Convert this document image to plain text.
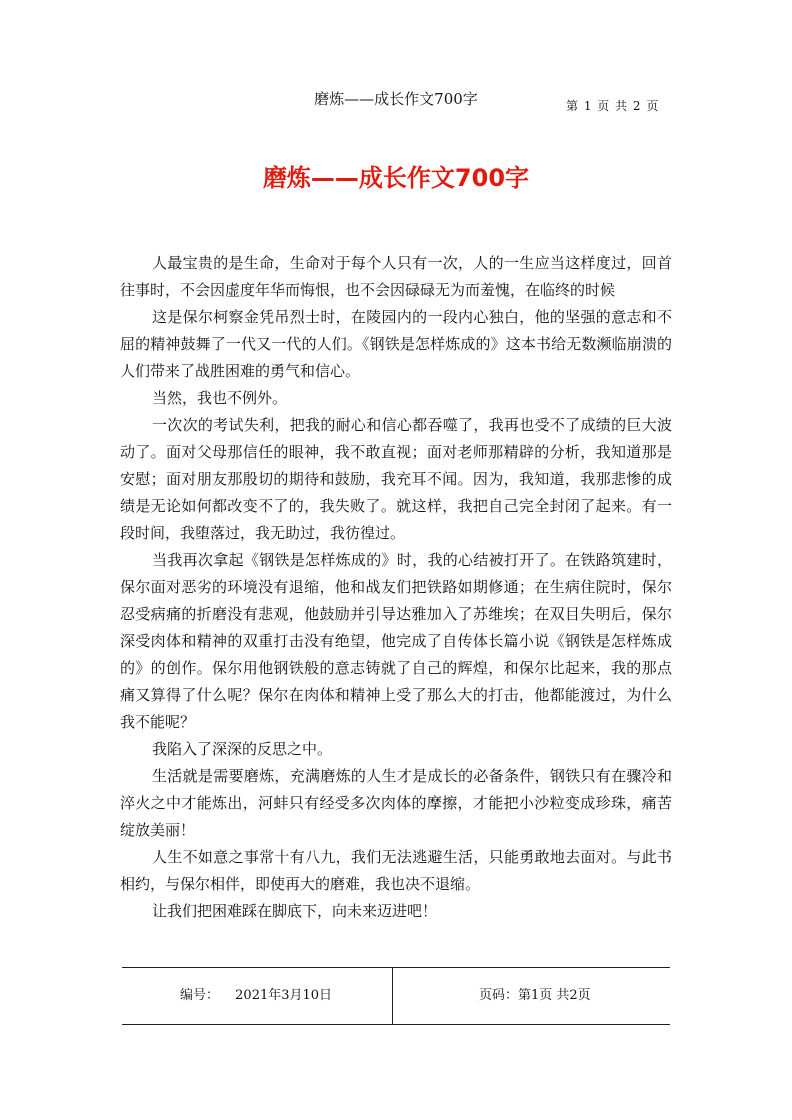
磨炼——成长作文700字	第 1 页 共 2 页
磨炼——成长作文700字

人最宝贵的是生命，生命对于每个人只有一次，人的一生应当这样度过，回首往事时，不会因虚度年华而悔恨，也不会因碌碌无为而羞愧，在临终的时候

这是保尔柯察金凭吊烈士时，在陵园内的一段内心独白，他的坚强的意志和不屈的精神鼓舞了一代又一代的人们。《钢铁是怎样炼成的》这本书给无数濒临崩溃的人们带来了战胜困难的勇气和信心。

当然，我也不例外。

一次次的考试失利，把我的耐心和信心都吞噬了，我再也受不了成绩的巨大波动了。面对父母那信任的眼神，我不敢直视；面对老师那精辟的分析，我知道那是安慰；面对朋友那殷切的期待和鼓励，我充耳不闻。因为，我知道，我那悲惨的成绩是无论如何都改变不了的，我失败了。就这样，我把自己完全封闭了起来。有一段时间，我堕落过，我无助过，我彷徨过。

当我再次拿起《钢铁是怎样炼成的》时，我的心结被打开了。在铁路筑建时，保尔面对恶劣的环境没有退缩，他和战友们把铁路如期修通；在生病住院时，保尔忍受病痛的折磨没有悲观，他鼓励并引导达雅加入了苏维埃；在双目失明后，保尔深受肉体和精神的双重打击没有绝望，他完成了自传体长篇小说《钢铁是怎样炼成的》的创作。保尔用他钢铁般的意志铸就了自己的辉煌，和保尔比起来，我的那点痛又算得了什么呢？保尔在肉体和精神上受了那么大的打击，他都能渡过，为什么我不能呢？

我陷入了深深的反思之中。

生活就是需要磨炼，充满磨炼的人生才是成长的必备条件，钢铁只有在骤冷和淬火之中才能炼出，河蚌只有经受多次肉体的摩擦，才能把小沙粒变成珍珠，痛苦绽放美丽！

人生不如意之事常十有八九，我们无法逃避生活，只能勇敢地去面对。与此书相约，与保尔相伴，即使再大的磨难，我也决不退缩。

让我们把困难踩在脚底下，向未来迈进吧！

编号： 2021年3月10日	页码：第1页 共2页
